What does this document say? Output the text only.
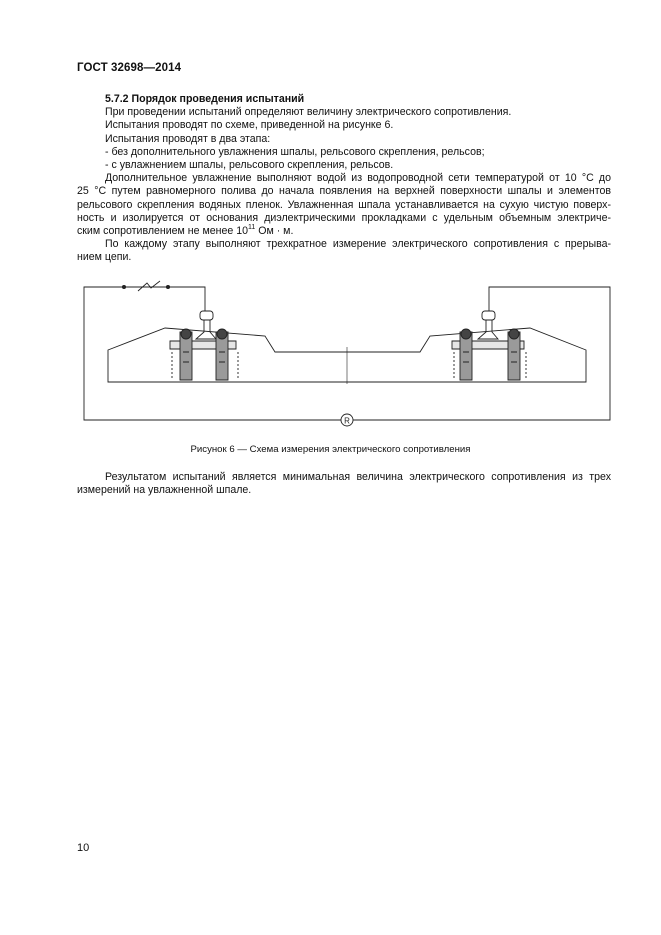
ГОСТ 32698—2014
5.7.2 Порядок проведения испытаний
При проведении испытаний определяют величину электрического сопротивления.
Испытания проводят по схеме, приведенной на рисунке 6.
Испытания проводят в два этапа:
- без дополнительного увлажнения шпалы, рельсового скрепления, рельсов;
- с увлажнением шпалы, рельсового скрепления, рельсов.
Дополнительное увлажнение выполняют водой из водопроводной сети температурой от 10 °С до
25 °С путем равномерного полива до начала появления на верхней поверхности шпалы и элементов
рельсового скрепления водяных пленок. Увлажненная шпала устанавливается на сухую чистую поверх-
ность и изолируется от основания диэлектрическими прокладками с удельным объемным электриче-
ским сопротивлением не менее $10^{11}$ Ом · м.
По каждому этапу выполняют трехкратное измерение электрического сопротивления с прерыва-
нием цепи.
R
Рисунок 6 — Схема измерения электрического сопротивления
Результатом испытаний является минимальная величина электрического сопротивления из трех
измерений на увлажненной шпале.
10
